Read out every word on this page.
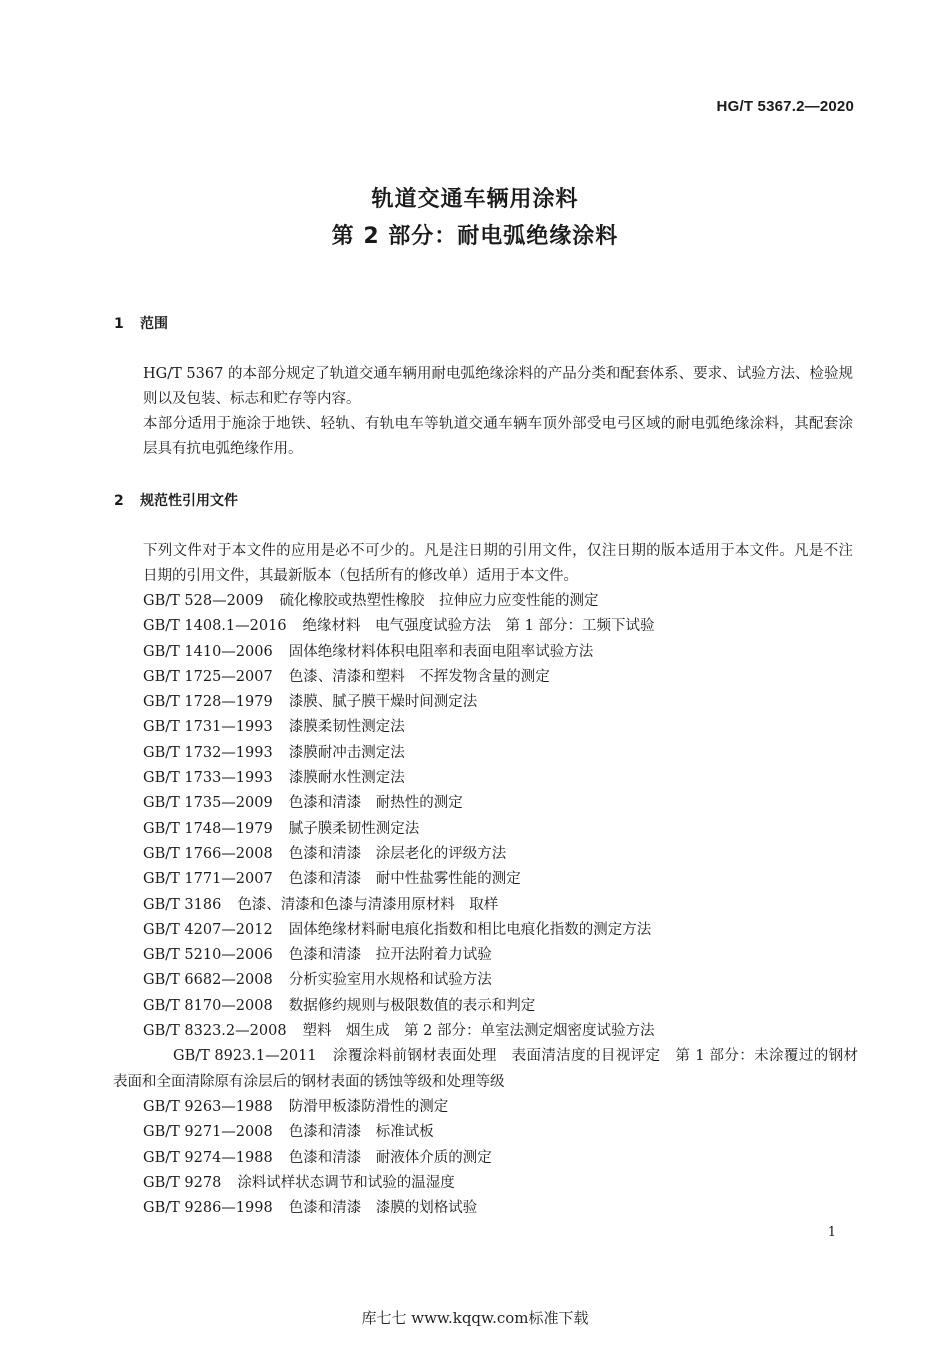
HG/T 5367.2—2020
轨道交通车辆用涂料
第 2 部分：耐电弧绝缘涂料
1 范围
HG/T 5367 的本部分规定了轨道交通车辆用耐电弧绝缘涂料的产品分类和配套体系、要求、试验方法、检验规则以及包装、标志和贮存等内容。
本部分适用于施涂于地铁、轻轨、有轨电车等轨道交通车辆车顶外部受电弓区域的耐电弧绝缘涂料，其配套涂层具有抗电弧绝缘作用。
2 规范性引用文件
下列文件对于本文件的应用是必不可少的。凡是注日期的引用文件，仅注日期的版本适用于本文件。凡是不注日期的引用文件，其最新版本（包括所有的修改单）适用于本文件。
GB/T 528—2009 硫化橡胶或热塑性橡胶　拉伸应力应变性能的测定
GB/T 1408.1—2016 绝缘材料　电气强度试验方法　第 1 部分：工频下试验
GB/T 1410—2006 固体绝缘材料体积电阻率和表面电阻率试验方法
GB/T 1725—2007 色漆、清漆和塑料　不挥发物含量的测定
GB/T 1728—1979 漆膜、腻子膜干燥时间测定法
GB/T 1731—1993 漆膜柔韧性测定法
GB/T 1732—1993 漆膜耐冲击测定法
GB/T 1733—1993 漆膜耐水性测定法
GB/T 1735—2009 色漆和清漆　耐热性的测定
GB/T 1748—1979 腻子膜柔韧性测定法
GB/T 1766—2008 色漆和清漆　涂层老化的评级方法
GB/T 1771—2007 色漆和清漆　耐中性盐雾性能的测定
GB/T 3186 色漆、清漆和色漆与清漆用原材料　取样
GB/T 4207—2012 固体绝缘材料耐电痕化指数和相比电痕化指数的测定方法
GB/T 5210—2006 色漆和清漆　拉开法附着力试验
GB/T 6682—2008 分析实验室用水规格和试验方法
GB/T 8170—2008 数据修约规则与极限数值的表示和判定
GB/T 8323.2—2008 塑料　烟生成　第 2 部分：单室法测定烟密度试验方法
GB/T 8923.1—2011 涂覆涂料前钢材表面处理　表面清洁度的目视评定　第 1 部分：未涂覆过的钢材表面和全面清除原有涂层后的钢材表面的锈蚀等级和处理等级
GB/T 9263—1988 防滑甲板漆防滑性的测定
GB/T 9271—2008 色漆和清漆　标准试板
GB/T 9274—1988 色漆和清漆　耐液体介质的测定
GB/T 9278 涂料试样状态调节和试验的温湿度
GB/T 9286—1998 色漆和清漆　漆膜的划格试验
1
库七七 www.kqqw.com标准下载
